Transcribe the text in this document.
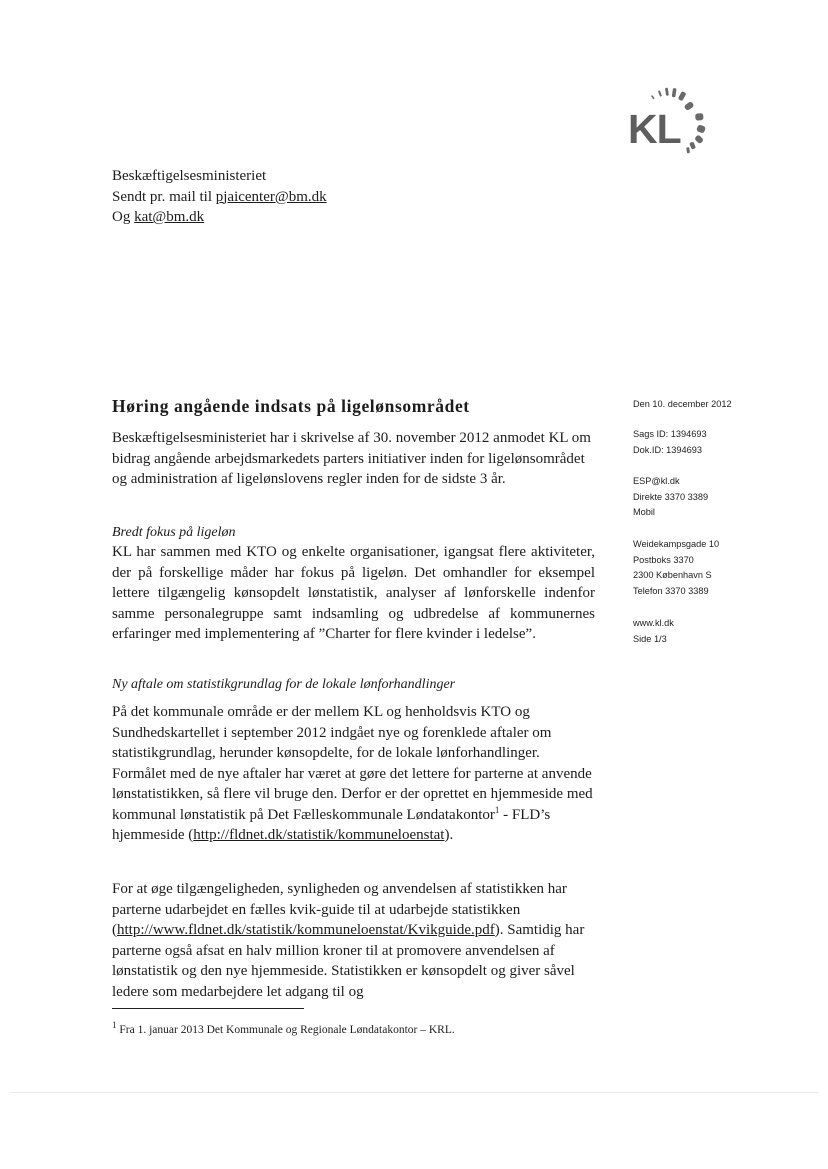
KL
Beskæftigelsesministeriet
Sendt pr. mail til pjaicenter@bm.dk
Og kat@bm.dk
Den 10. december 2012
Sags ID: 1394693
Dok.ID: 1394693
ESP@kl.dk
Direkte 3370 3389
Mobil
Weidekampsgade 10
Postboks 3370
2300 København S
Telefon 3370 3389
www.kl.dk
Side 1/3
Høring angående indsats på ligelønsområdet
Beskæftigelsesministeriet har i skrivelse af 30. november 2012 anmodet KL om bidrag angående arbejdsmarkedets parters initiativer inden for ligelønsområdet og administration af ligelønslovens regler inden for de sidste 3 år.
Bredt fokus på ligeløn
KL har sammen med KTO og enkelte organisationer, igangsat flere aktiviteter, der på forskellige måder har fokus på ligeløn. Det omhandler for eksempel lettere tilgængelig kønsopdelt lønstatistik, analyser af lønforskelle indenfor samme personalegruppe samt indsamling og udbredelse af kommunernes erfaringer med implementering af ”Charter for flere kvinder i ledelse”.
Ny aftale om statistikgrundlag for de lokale lønforhandlinger
På det kommunale område er der mellem KL og henholdsvis KTO og Sundhedskartellet i september 2012 indgået nye og forenklede aftaler om statistikgrundlag, herunder kønsopdelte, for de lokale lønforhandlinger. Formålet med de nye aftaler har været at gøre det lettere for parterne at anvende lønstatistikken, så flere vil bruge den. Derfor er der oprettet en hjemmeside med kommunal lønstatistik på Det Fælleskommunale Løndatakontor$^1$ - FLD’s hjemmeside (http://fldnet.dk/statistik/kommuneloenstat).
For at øge tilgængeligheden, synligheden og anvendelsen af statistikken har parterne udarbejdet en fælles kvik-guide til at udarbejde statistikken (http://www.fldnet.dk/statistik/kommuneloenstat/Kvikguide.pdf). Samtidig har parterne også afsat en halv million kroner til at promovere anvendelsen af lønstatistik og den nye hjemmeside. Statistikken er kønsopdelt og giver såvel ledere som medarbejdere let adgang til og
$^1$ Fra 1. januar 2013 Det Kommunale og Regionale Løndatakontor – KRL.
